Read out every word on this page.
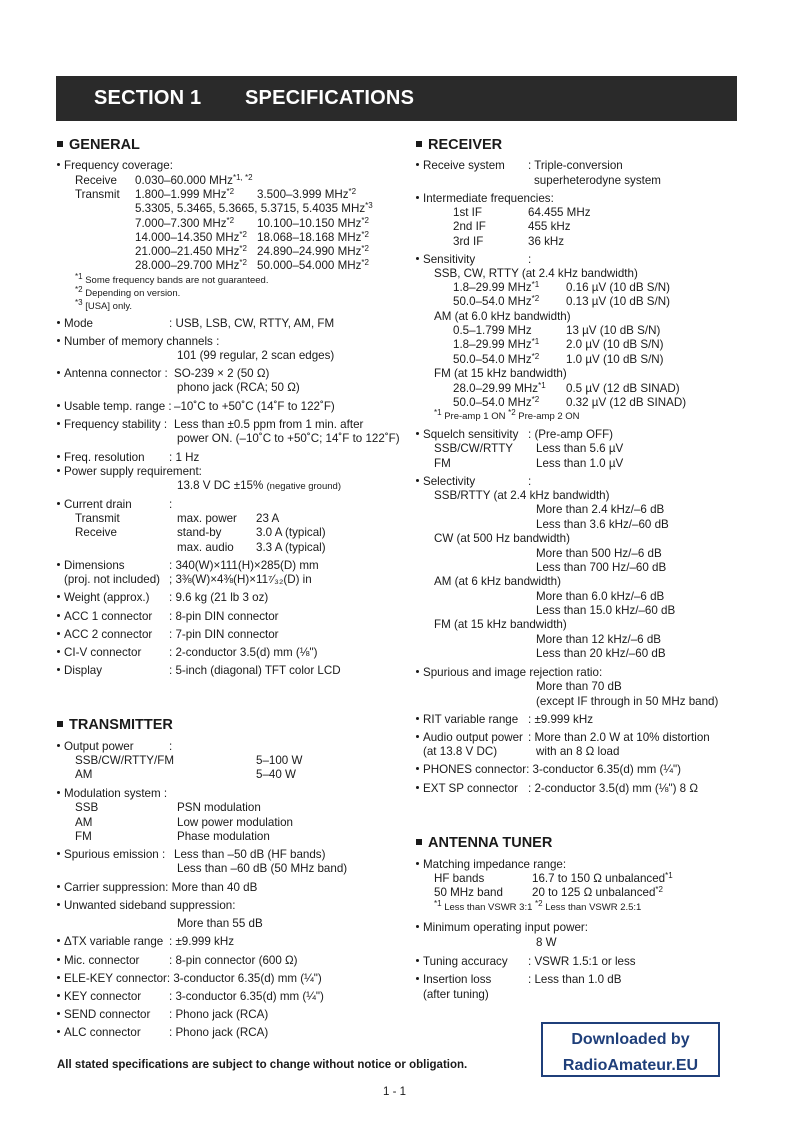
SECTION 1 SPECIFICATIONS
GENERAL
Frequency coverage:
Receive 0.030–60.000 MHz$^{*1, *2}$
Transmit 1.800–1.999 MHz$^{*2}$ 3.500–3.999 MHz$^{*2}$
5.3305, 5.3465, 5.3665, 5.3715, 5.4035 MHz$^{*3}$
7.000–7.300 MHz$^{*2}$ 10.100–10.150 MHz$^{*2}$
14.000–14.350 MHz$^{*2}$ 18.068–18.168 MHz$^{*2}$
21.000–21.450 MHz$^{*2}$ 24.890–24.990 MHz$^{*2}$
28.000–29.700 MHz$^{*2}$ 50.000–54.000 MHz$^{*2}$
$^{*1}$ Some frequency bands are not guaranteed.
$^{*2}$ Depending on version.
$^{*3}$ [USA] only.
Mode	: USB, LSB, CW, RTTY, AM, FM
Number of memory channels :
101 (99 regular, 2 scan edges)
Antenna connector : SO-239 × 2 (50 Ω)
phono jack (RCA; 50 Ω)
Usable temp. range : –10˚C to +50˚C (14˚F to 122˚F)
Frequency stability : Less than ±0.5 ppm from 1 min. after
power ON. (–10˚C to +50˚C; 14˚F to 122˚F)
Freq. resolution : 1 Hz
Power supply requirement:
13.8 V DC ±15% (negative ground)
Current drain	:
Transmit	max. power 23 A
Receive	stand-by	3.0 A (typical)
max. audio 3.3 A (typical)
Dimensions	: 340(W)×111(H)×285(D) mm
(proj. not included) ; 3⅜(W)×4⅜(H)×11⁷⁄₃₂(D) in
Weight (approx.) : 9.6 kg (21 lb 3 oz)
ACC 1 connector : 8-pin DIN connector
ACC 2 connector : 7-pin DIN connector
CI-V connector : 2-conductor 3.5(d) mm (⅛")
Display	: 5-inch (diagonal) TFT color LCD
TRANSMITTER
Output power	:
SSB/CW/RTTY/FM	5–100 W
AM	5–40 W
Modulation system :
SSB	PSN modulation
AM	Low power modulation
FM	Phase modulation
Spurious emission : Less than –50 dB (HF bands)
Less than –60 dB (50 MHz band)
Carrier suppression: More than 40 dB
Unwanted sideband suppression:
More than 55 dB
ΔTX variable range : ±9.999 kHz
Mic. connector	: 8-pin connector (600 Ω)
ELE-KEY connector: 3-conductor 6.35(d) mm (¼")
KEY connector : 3-conductor 6.35(d) mm (¼")
SEND connector : Phono jack (RCA)
ALC connector : Phono jack (RCA)
RECEIVER
Receive system : Triple-conversion
superheterodyne system
Intermediate frequencies:
1st IF	64.455 MHz
2nd IF	455 kHz
3rd IF	36 kHz
Sensitivity	:
SSB, CW, RTTY (at 2.4 kHz bandwidth)
1.8–29.99 MHz$^{*1}$ 0.16 µV (10 dB S/N)
50.0–54.0 MHz$^{*2}$ 0.13 µV (10 dB S/N)
AM (at 6.0 kHz bandwidth)
0.5–1.799 MHz	13 µV (10 dB S/N)
1.8–29.99 MHz$^{*1}$ 2.0 µV (10 dB S/N)
50.0–54.0 MHz$^{*2}$ 1.0 µV (10 dB S/N)
FM (at 15 kHz bandwidth)
28.0–29.99 MHz$^{*1}$ 0.5 µV (12 dB SINAD)
50.0–54.0 MHz$^{*2}$ 0.32 µV (12 dB SINAD)
$^{*1}$ Pre-amp 1 ON $^{*2}$ Pre-amp 2 ON
Squelch sensitivity : (Pre-amp OFF)
SSB/CW/RTTY Less than 5.6 µV
FM	Less than 1.0 µV
Selectivity	:
SSB/RTTY (at 2.4 kHz bandwidth)
More than 2.4 kHz/–6 dB
Less than 3.6 kHz/–60 dB
CW (at 500 Hz bandwidth)
More than 500 Hz/–6 dB
Less than 700 Hz/–60 dB
AM (at 6 kHz bandwidth)
More than 6.0 kHz/–6 dB
Less than 15.0 kHz/–60 dB
FM (at 15 kHz bandwidth)
More than 12 kHz/–6 dB
Less than 20 kHz/–60 dB
Spurious and image rejection ratio:
More than 70 dB
(except IF through in 50 MHz band)
RIT variable range : ±9.999 kHz
Audio output power : More than 2.0 W at 10% distortion
(at 13.8 V DC)	with an 8 Ω load
PHONES connector: 3-conductor 6.35(d) mm (¼")
EXT SP connector : 2-conductor 3.5(d) mm (⅛") 8 Ω
ANTENNA TUNER
Matching impedance range:
HF bands	16.7 to 150 Ω unbalanced$^{*1}$
50 MHz band	20 to 125 Ω unbalanced$^{*2}$
$^{*1}$ Less than VSWR 3:1 $^{*2}$ Less than VSWR 2.5:1
Minimum operating input power:
8 W
Tuning accuracy : VSWR 1.5:1 or less
Insertion loss	: Less than 1.0 dB
(after tuning)
Downloaded by
RadioAmateur.EU
All stated specifications are subject to change without notice or obligation.
1 - 1
